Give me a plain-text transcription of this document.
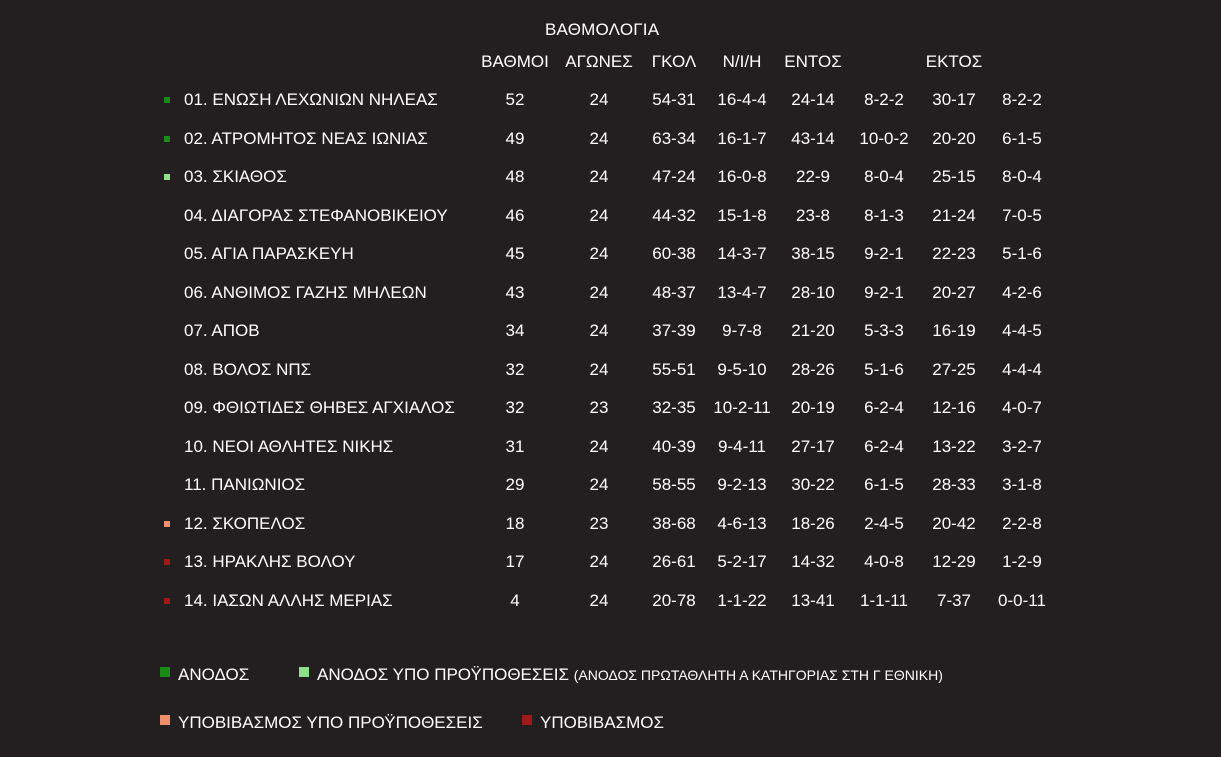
ΒΑΘΜΟΛΟΓΙΑ
ΒΑΘΜΟΙ ΑΓΩΝΕΣ ΓΚΟΛ Ν/Ι/Η ΕΝΤΟΣ	ΕΚΤΟΣ
01. ΕΝΩΣΗ ΛΕΧΩΝΙΩΝ ΝΗΛΕΑΣ	52	24	54-31 16-4-4 24-14 8-2-2 30-17 8-2-2
02. ΑΤΡΟΜΗΤΟΣ ΝΕΑΣ ΙΩΝΙΑΣ	49	24	63-34 16-1-7 43-14 10-0-2 20-20 6-1-5
03. ΣΚΙΑΘΟΣ	48	24	47-24 16-0-8 22-9 8-0-4 25-15 8-0-4
04. ΔΙΑΓΟΡΑΣ ΣΤΕΦΑΝΟΒΙΚΕΙΟΥ	46	24	44-32 15-1-8 23-8 8-1-3 21-24 7-0-5
05. ΑΓΙΑ ΠΑΡΑΣΚΕΥΗ	45	24	60-38 14-3-7 38-15 9-2-1 22-23 5-1-6
06. ΑΝΘΙΜΟΣ ΓΑΖΗΣ ΜΗΛΕΩΝ	43	24	48-37 13-4-7 28-10 9-2-1 20-27 4-2-6
07. ΑΠΟΒ	34	24	37-39 9-7-8 21-20 5-3-3 16-19 4-4-5
08. ΒΟΛΟΣ ΝΠΣ	32	24	55-51 9-5-10 28-26 5-1-6 27-25 4-4-4
09. ΦΘΙΩΤΙΔΕΣ ΘΗΒΕΣ ΑΓΧΙΑΛΟΣ	32	23	32-35 10-2-11 20-19 6-2-4 12-16 4-0-7
10. ΝΕΟΙ ΑΘΛΗΤΕΣ ΝΙΚΗΣ	31	24	40-39 9-4-11 27-17 6-2-4 13-22 3-2-7
11. ΠΑΝΙΩΝΙΟΣ	29	24	58-55 9-2-13 30-22 6-1-5 28-33 3-1-8
12. ΣΚΟΠΕΛΟΣ	18	23	38-68 4-6-13 18-26 2-4-5 20-42 2-2-8
13. ΗΡΑΚΛΗΣ ΒΟΛΟΥ	17	24	26-61 5-2-17 14-32 4-0-8 12-29 1-2-9
14. ΙΑΣΩΝ ΑΛΛΗΣ ΜΕΡΙΑΣ	4	24	20-78 1-1-22 13-41 1-1-11 7-37 0-0-11
ΑΝΟΔΟΣ	ΑΝΟΔΟΣ ΥΠΟ ΠΡΟΫΠΟΘΕΣΕΙΣ (ΑΝΟΔΟΣ ΠΡΩΤΑΘΛΗΤΗ Α ΚΑΤΗΓΟΡΙΑΣ ΣΤΗ Γ ΕΘΝΙΚΗ)
ΥΠΟΒΙΒΑΣΜΟΣ ΥΠΟ ΠΡΟΫΠΟΘΕΣΕΙΣ	ΥΠΟΒΙΒΑΣΜΟΣ
